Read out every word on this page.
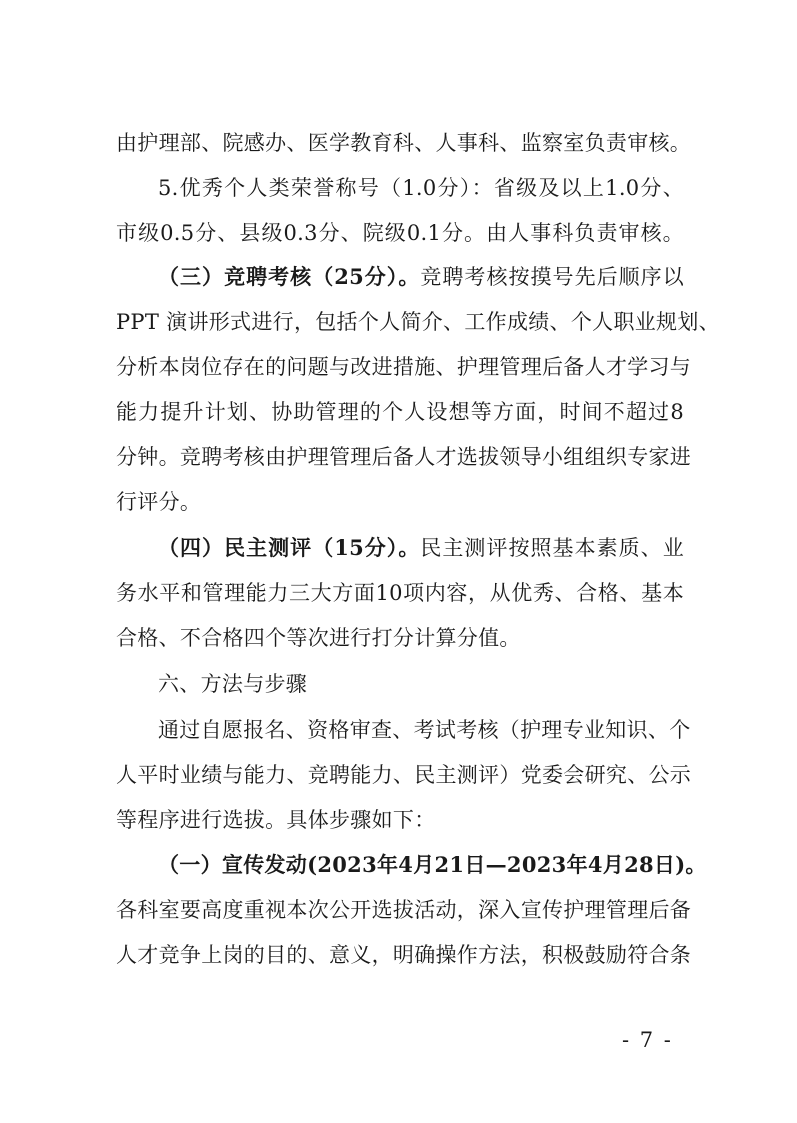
由护理部、院感办、医学教育科、人事科、监察室负责审核。
5.优秀个人类荣誉称号（1.0分）：省级及以上1.0分、
市级0.5分、县级0.3分、院级0.1分。由人事科负责审核。
（三）竞聘考核（25分）。竞聘考核按摸号先后顺序以
PPT 演讲形式进行，包括个人简介、工作成绩、个人职业规划、
分析本岗位存在的问题与改进措施、护理管理后备人才学习与
能力提升计划、协助管理的个人设想等方面，时间不超过8
分钟。竞聘考核由护理管理后备人才选拔领导小组组织专家进
行评分。
（四）民主测评（15分）。民主测评按照基本素质、业
务水平和管理能力三大方面10项内容，从优秀、合格、基本
合格、不合格四个等次进行打分计算分值。
六、方法与步骤
通过自愿报名、资格审查、考试考核（护理专业知识、个
人平时业绩与能力、竞聘能力、民主测评）党委会研究、公示
等程序进行选拔。具体步骤如下：
（一）宣传发动(2023年4月21日—2023年4月28日)。
各科室要高度重视本次公开选拔活动，深入宣传护理管理后备
人才竞争上岗的目的、意义，明确操作方法，积极鼓励符合条
- 7 -
